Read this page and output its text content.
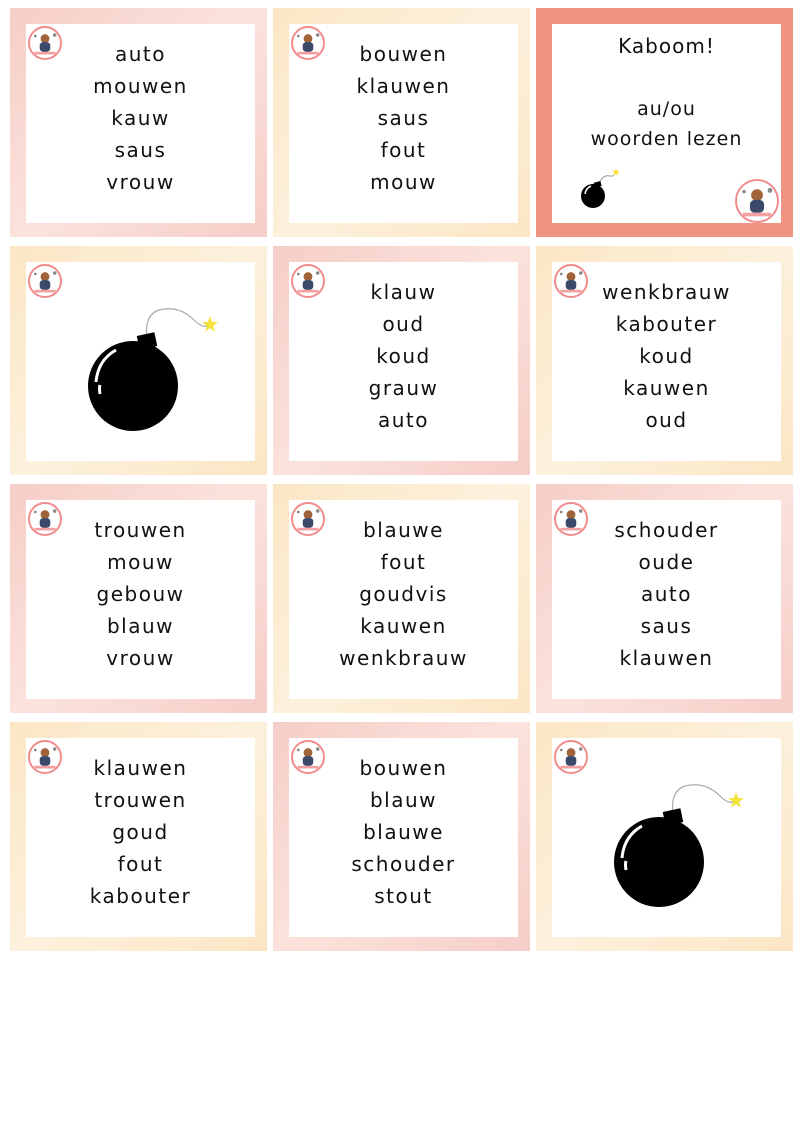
auto
mouwen
kauw
saus
vrouw
bouwen
klauwen
saus
fout
mouw
Kaboom!
au/ou
woorden lezen
klauw
oud
koud
grauw
auto
wenkbrauw
kabouter
koud
kauwen
oud
trouwen
mouw
gebouw
blauw
vrouw
blauwe
fout
goudvis
kauwen
wenkbrauw
schouder
oude
auto
saus
klauwen
klauwen
trouwen
goud
fout
kabouter
bouwen
blauw
blauwe
schouder
stout
